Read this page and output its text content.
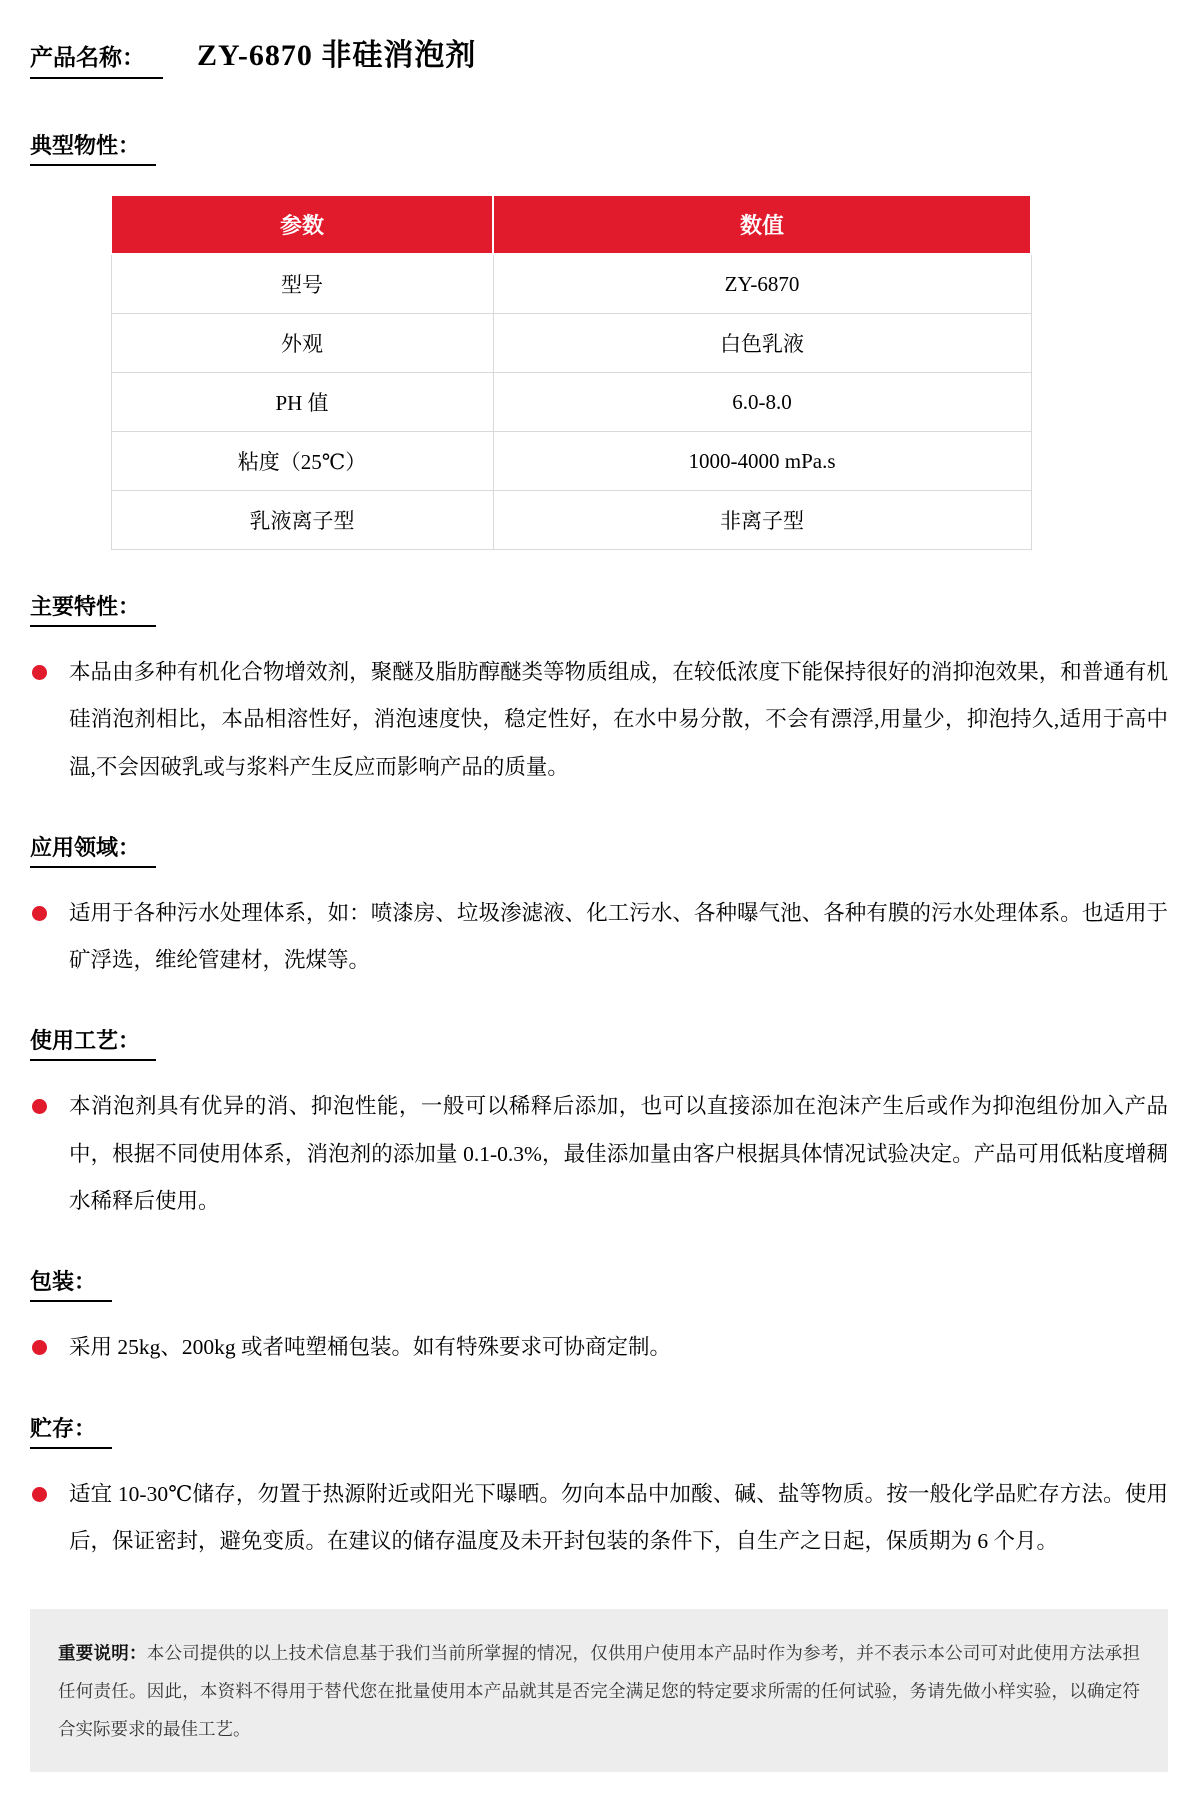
产品名称： ZY-6870 非硅消泡剂
典型物性：
参数	数值
型号	ZY-6870
外观	白色乳液
PH 值	6.0-8.0
粘度（25℃）	1000-4000 mPa.s
乳液离子型	非离子型
主要特性：

本品由多种有机化合物增效剂，聚醚及脂肪醇醚类等物质组成，在较低浓度下能保持很好的消抑泡效果，和普通有机硅消泡剂相比，本品相溶性好，消泡速度快，稳定性好，在水中易分散，不会有漂浮,用量少，抑泡持久,适用于高中温,不会因破乳或与浆料产生反应而影响产品的质量。

应用领域：

适用于各种污水处理体系，如：喷漆房、垃圾渗滤液、化工污水、各种曝气池、各种有膜的污水处理体系。也适用于矿浮选，维纶管建材，洗煤等。

使用工艺：

本消泡剂具有优异的消、抑泡性能，一般可以稀释后添加，也可以直接添加在泡沫产生后或作为抑泡组份加入产品中，根据不同使用体系，消泡剂的添加量 0.1-0.3%，最佳添加量由客户根据具体情况试验决定。产品可用低粘度增稠水稀释后使用。

包装：

采用 25kg、200kg 或者吨塑桶包装。如有特殊要求可协商定制。

贮存：

适宜 10-30℃储存，勿置于热源附近或阳光下曝晒。勿向本品中加酸、碱、盐等物质。按一般化学品贮存方法。使用后，保证密封，避免变质。在建议的储存温度及未开封包装的条件下，自生产之日起，保质期为 6 个月。

重要说明：本公司提供的以上技术信息基于我们当前所掌握的情况，仅供用户使用本产品时作为参考，并不表示本公司可对此使用方法承担任何责任。因此，本资料不得用于替代您在批量使用本产品就其是否完全满足您的特定要求所需的任何试验，务请先做小样实验，以确定符合实际要求的最佳工艺。
